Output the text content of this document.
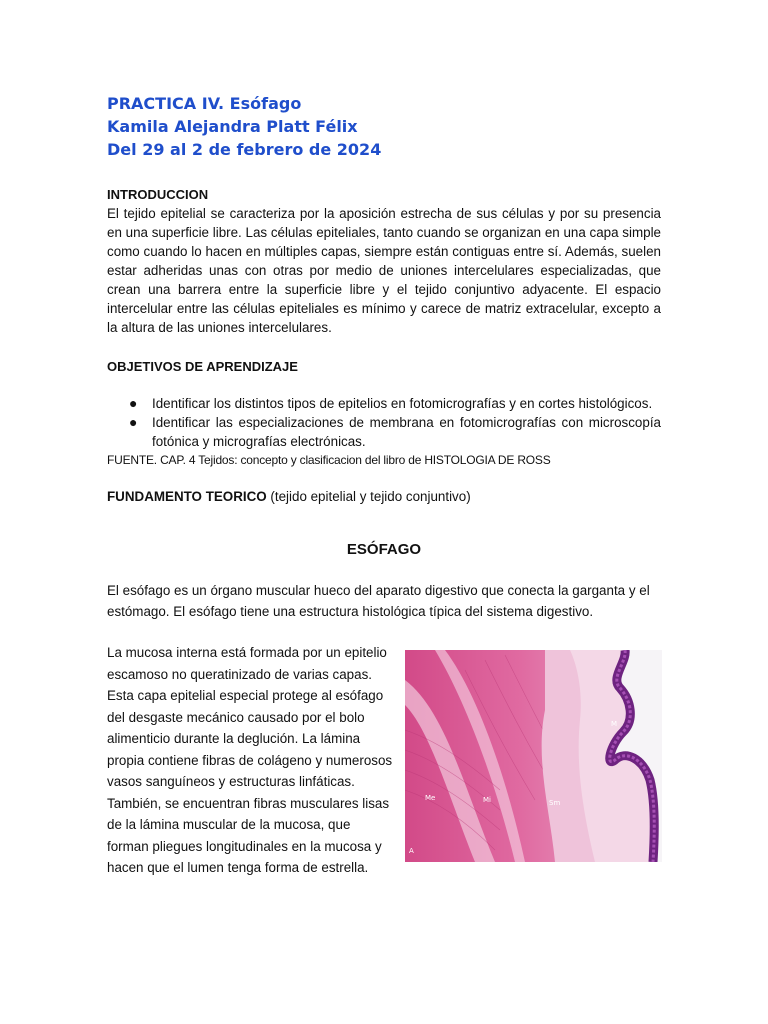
PRACTICA IV. Esófago

Kamila Alejandra Platt Félix

Del 29 al 2 de febrero de 2024

INTRODUCCION

El tejido epitelial se caracteriza por la aposición estrecha de sus células y por su presencia en una superficie libre. Las células epiteliales, tanto cuando se organizan en una capa simple como cuando lo hacen en múltiples capas, siempre están contiguas entre sí. Además, suelen estar adheridas unas con otras por medio de uniones intercelulares especializadas, que crean una barrera entre la superficie libre y el tejido conjuntivo adyacente. El espacio intercelular entre las células epiteliales es mínimo y carece de matriz extracelular, excepto a la altura de las uniones intercelulares.

OBJETIVOS DE APRENDIZAJE

● Identificar los distintos tipos de epitelios en fotomicrografías y en cortes histológicos.
● Identificar las especializaciones de membrana en fotomicrografías con microscopía fotónica y micrografías electrónicas.

FUENTE. CAP. 4 Tejidos: concepto y clasificacion del libro de HISTOLOGIA DE ROSS

FUNDAMENTO TEORICO (tejido epitelial y tejido conjuntivo)

ESÓFAGO

El esófago es un órgano muscular hueco del aparato digestivo que conecta la garganta y el estómago. El esófago tiene una estructura histológica típica del sistema digestivo.

La mucosa interna está formada por un epitelio escamoso no queratinizado de varias capas. Esta capa epitelial especial protege al esófago del desgaste mecánico causado por el bolo alimenticio durante la deglución. La lámina propia contiene fibras de colágeno y numerosos vasos sanguíneos y estructuras linfáticas. También, se encuentran fibras musculares lisas de la lámina muscular de la mucosa, que forman pliegues longitudinales en la mucosa y hacen que el lumen tenga forma de estrella.

Me	Mi	Sm
M
A
